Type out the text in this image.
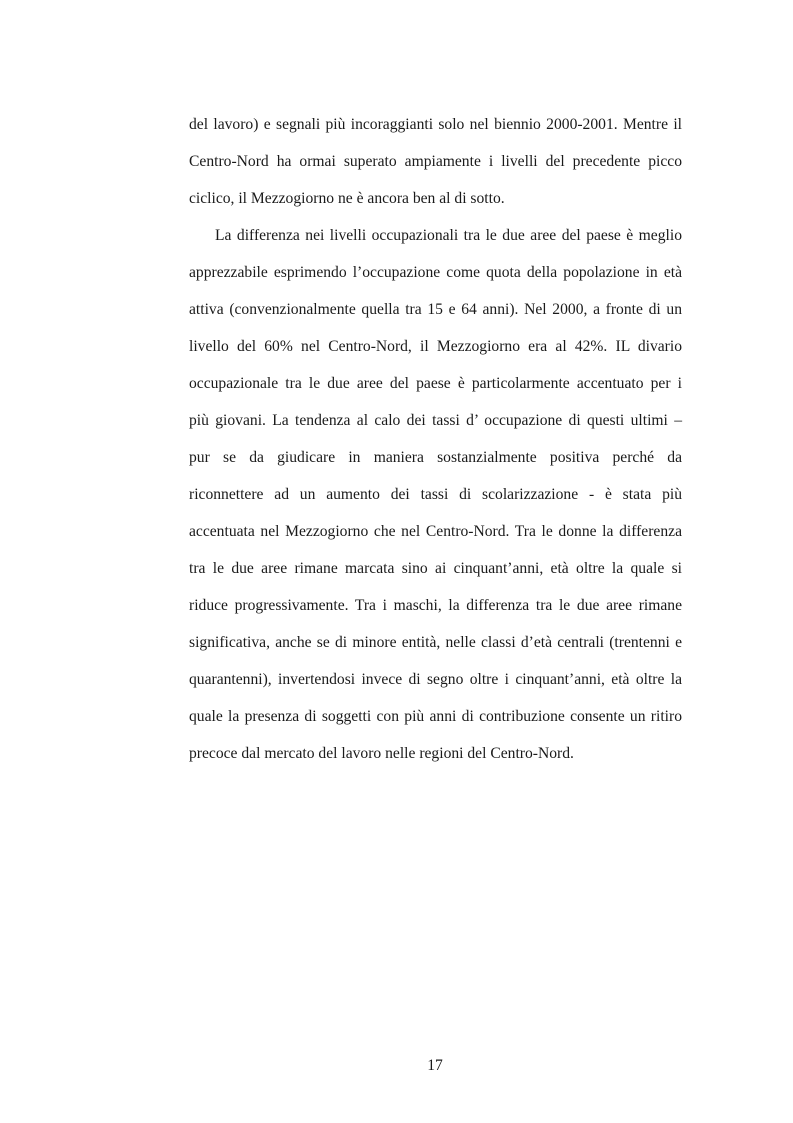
del lavoro) e segnali più incoraggianti solo nel biennio 2000-2001. Mentre il
Centro-Nord ha ormai superato ampiamente i livelli del precedente picco
ciclico, il Mezzogiorno ne è ancora ben al di sotto.
La differenza nei livelli occupazionali tra le due aree del paese è meglio
apprezzabile esprimendo l’occupazione come quota della popolazione in età
attiva (convenzionalmente quella tra 15 e 64 anni). Nel 2000, a fronte di un
livello del 60% nel Centro-Nord, il Mezzogiorno era al 42%. IL divario
occupazionale tra le due aree del paese è particolarmente accentuato per i
più giovani. La tendenza al calo dei tassi d’ occupazione di questi ultimi –
pur se da giudicare in maniera sostanzialmente positiva perché da
riconnettere ad un aumento dei tassi di scolarizzazione - è stata più
accentuata nel Mezzogiorno che nel Centro-Nord. Tra le donne la differenza
tra le due aree rimane marcata sino ai cinquant’anni, età oltre la quale si
riduce progressivamente. Tra i maschi, la differenza tra le due aree rimane
significativa, anche se di minore entità, nelle classi d’età centrali (trentenni e
quarantenni), invertendosi invece di segno oltre i cinquant’anni, età oltre la
quale la presenza di soggetti con più anni di contribuzione consente un ritiro
precoce dal mercato del lavoro nelle regioni del Centro-Nord.
17
